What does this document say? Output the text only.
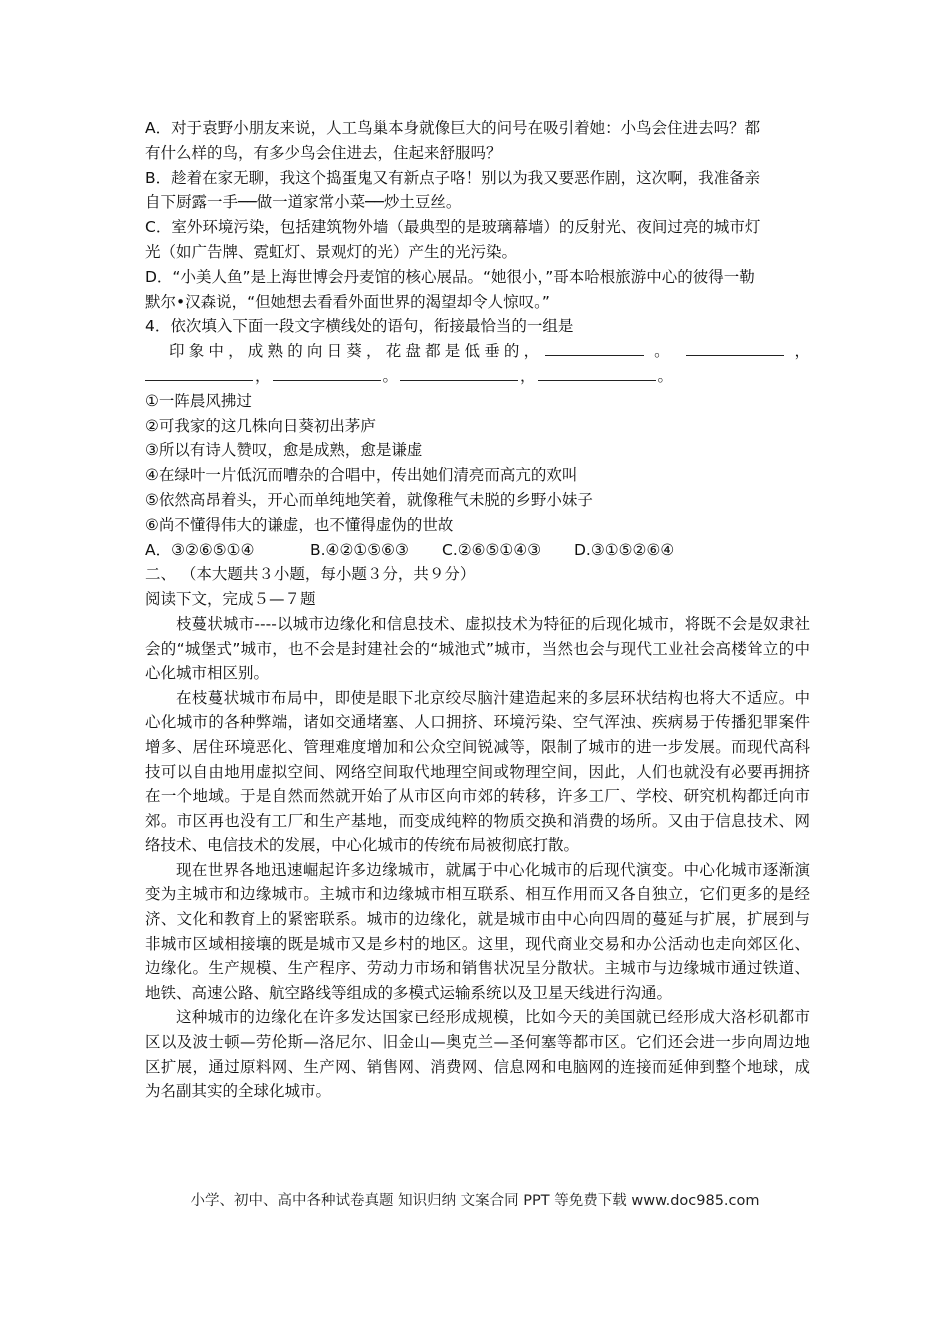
A．对于袁野小朋友来说，人工鸟巢本身就像巨大的问号在吸引着她：小鸟会住进去吗？都

有什么样的鸟，有多少鸟会住进去，住起来舒服吗？

B．趁着在家无聊，我这个捣蛋鬼又有新点子咯！别以为我又要恶作剧，这次啊，我准备亲

自下厨露一手──做一道家常小菜──炒土豆丝。

C．室外环境污染，包括建筑物外墙（最典型的是玻璃幕墙）的反射光、夜间过亮的城市灯

光（如广告牌、霓虹灯、景观灯的光）产生的光污染。

D．“小美人鱼”是上海世博会丹麦馆的核心展品。“她很小，”哥本哈根旅游中心的彼得一勒

默尔•汉森说，“但她想去看看外面世界的渴望却令人惊叹。”

4．依次填入下面一段文字横线处的语句，衔接最恰当的一组是

印象中，成熟的向日葵，花盘都是低垂的，	。	，
，	。	，	。

①一阵晨风拂过

②可我家的这几株向日葵初出茅庐

③所以有诗人赞叹，愈是成熟，愈是谦虚

④在绿叶一片低沉而嘈杂的合唱中，传出她们清亮而高亢的欢叫

⑤依然高昂着头，开心而单纯地笑着，就像稚气未脱的乡野小妹子

⑥尚不懂得伟大的谦虚，也不懂得虚伪的世故

A．③②⑥⑤①④	B.④②①⑤⑥③ C.②⑥⑤①④③ D.③①⑤②⑥④

二、 （本大题共３小题，每小题３分，共９分）

阅读下文，完成５—７题

枝蔓状城市----以城市边缘化和信息技术、虚拟技术为特征的后现化城市，将既不会是奴隶社会的“城堡式”城市，也不会是封建社会的“城池式”城市，当然也会与现代工业社会高楼耸立的中心化城市相区别。

在枝蔓状城市布局中，即使是眼下北京绞尽脑汁建造起来的多层环状结构也将大不适应。中心化城市的各种弊端，诸如交通堵塞、人口拥挤、环境污染、空气浑浊、疾病易于传播犯罪案件增多、居住环境恶化、管理难度增加和公众空间锐减等，限制了城市的进一步发展。而现代高科技可以自由地用虚拟空间、网络空间取代地理空间或物理空间，因此，人们也就没有必要再拥挤在一个地域。于是自然而然就开始了从市区向市郊的转移，许多工厂、学校、研究机构都迁向市郊。市区再也没有工厂和生产基地，而变成纯粹的物质交换和消费的场所。又由于信息技术、网络技术、电信技术的发展，中心化城市的传统布局被彻底打散。

现在世界各地迅速崛起许多边缘城市，就属于中心化城市的后现代演变。中心化城市逐渐演变为主城市和边缘城市。主城市和边缘城市相互联系、相互作用而又各自独立，它们更多的是经济、文化和教育上的紧密联系。城市的边缘化，就是城市由中心向四周的蔓延与扩展，扩展到与非城市区域相接壤的既是城市又是乡村的地区。这里，现代商业交易和办公活动也走向郊区化、边缘化。生产规模、生产程序、劳动力市场和销售状况呈分散状。主城市与边缘城市通过铁道、地铁、高速公路、航空路线等组成的多模式运输系统以及卫星天线进行沟通。

这种城市的边缘化在许多发达国家已经形成规模，比如今天的美国就已经形成大洛杉矶都市区以及波士顿—劳伦斯—洛尼尔、旧金山—奥克兰—圣何塞等都市区。它们还会进一步向周边地区扩展，通过原料网、生产网、销售网、消费网、信息网和电脑网的连接而延伸到整个地球，成为名副其实的全球化城市。

小学、初中、高中各种试卷真题 知识归纳 文案合同 PPT 等免费下载 www.doc985.com
